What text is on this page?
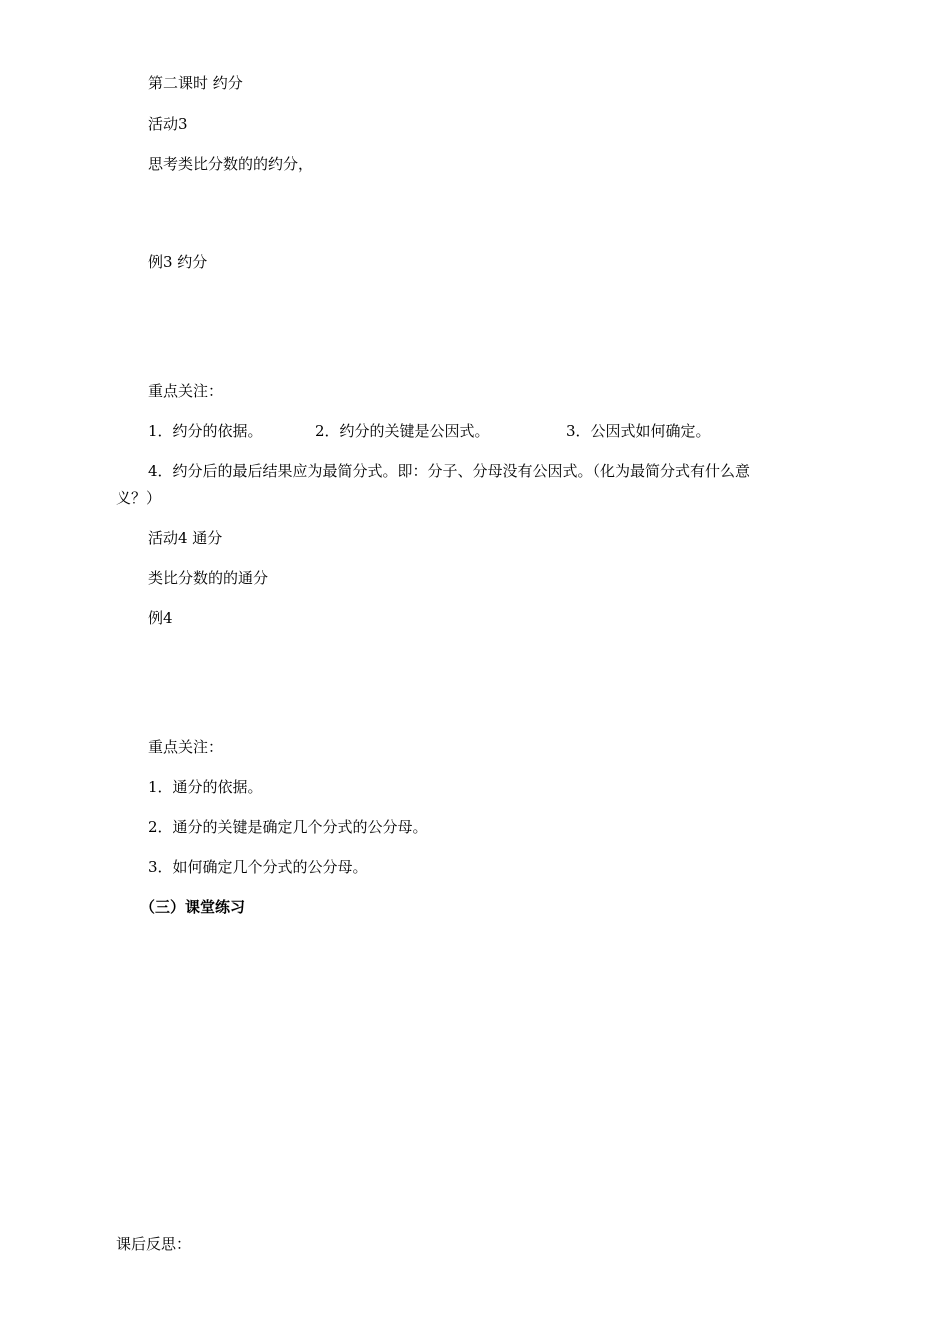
第二课时 约分
活动3
思考类比分数的的约分，
例3 约分
重点关注：
1．约分的依据。	2．约分的关键是公因式。	3．公因式如何确定。
4．约分后的最后结果应为最简分式。即：分子、分母没有公因式。（化为最简分式有什么意
义？）
活动4 通分
类比分数的的通分
例4
重点关注：
1．通分的依据。
2．通分的关键是确定几个分式的公分母。
3．如何确定几个分式的公分母。
（三）课堂练习
课后反思：
